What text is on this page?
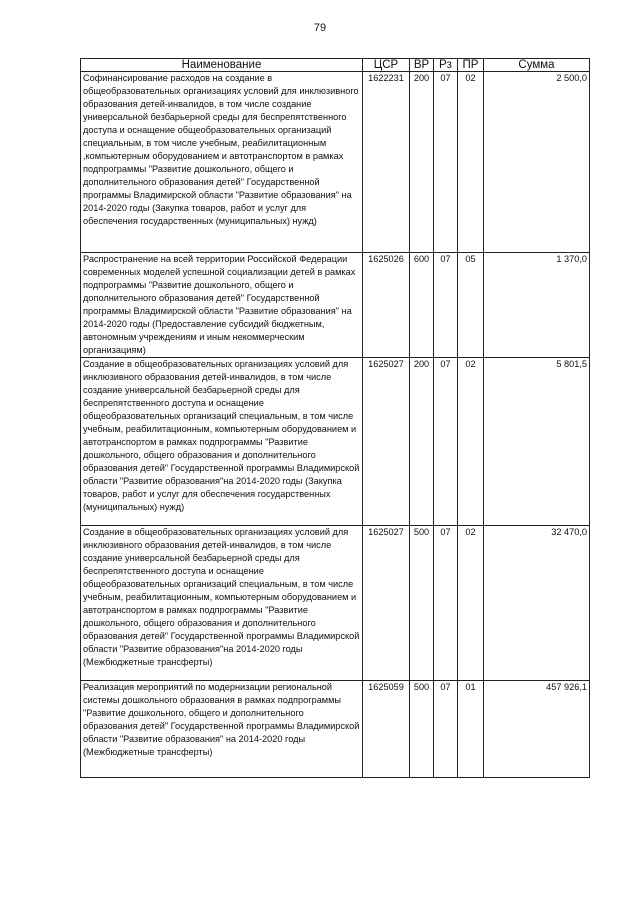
79
Наименование	ЦСР	ВР	Рз	ПР	Сумма
Софинансирование расходов на создание в общеобразовательных организациях условий для инклюзивного образования детей-инвалидов, в том числе создание универсальной безбарьерной среды для беспрепятственного доступа и оснащение общеобразовательных организаций специальным, в том числе учебным, реабилитационным ,компьютерным оборудованием и автотранспортом в рамках подпрограммы "Развитие дошкольного, общего и дополнительного образования детей" Государственной программы Владимирской области "Развитие образования" на 2014-2020 годы (Закупка товаров, работ и услуг для обеспечения государственных (муниципальных) нужд)	1622231	200	07	02	2 500,0
Распространение на всей территории Российской Федерации современных моделей успешной социализации детей в рамках подпрограммы "Развитие дошкольного, общего и дополнительного образования детей" Государственной программы Владимирской области "Развитие образования" на 2014-2020 годы (Предоставление субсидий бюджетным, автономным учреждениям и иным некоммерческим организациям)	1625026	600	07	05	1 370,0
Создание в общеобразовательных организациях условий для инклюзивного образования детей-инвалидов, в том числе создание универсальной безбарьерной среды для беспрепятственного доступа и оснащение общеобразовательных организаций специальным, в том числе учебным, реабилитационным, компьютерным оборудованием и автотранспортом в рамках подпрограммы "Развитие дошкольного, общего образования и дополнительного образования детей" Государственной программы Владимирской области "Развитие образования"на 2014-2020 годы (Закупка товаров, работ и услуг для обеспечения государственных (муниципальных) нужд)	1625027	200	07	02	5 801,5
Создание в общеобразовательных организациях условий для инклюзивного образования детей-инвалидов, в том числе создание универсальной безбарьерной среды для беспрепятственного доступа и оснащение общеобразовательных организаций специальным, в том числе учебным, реабилитационным, компьютерным оборудованием и автотранспортом в рамках подпрограммы "Развитие дошкольного, общего образования и дополнительного образования детей" Государственной программы Владимирской области "Развитие образования"на 2014-2020 годы (Межбюджетные трансферты)	1625027	500	07	02	32 470,0
Реализация мероприятий по модернизации региональной системы дошкольного образования в рамках подпрограммы "Развитие дошкольного, общего и дополнительного образования детей" Государственной программы Владимирской области "Развитие образования" на 2014-2020 годы (Межбюджетные трансферты)	1625059	500	07	01	457 926,1
